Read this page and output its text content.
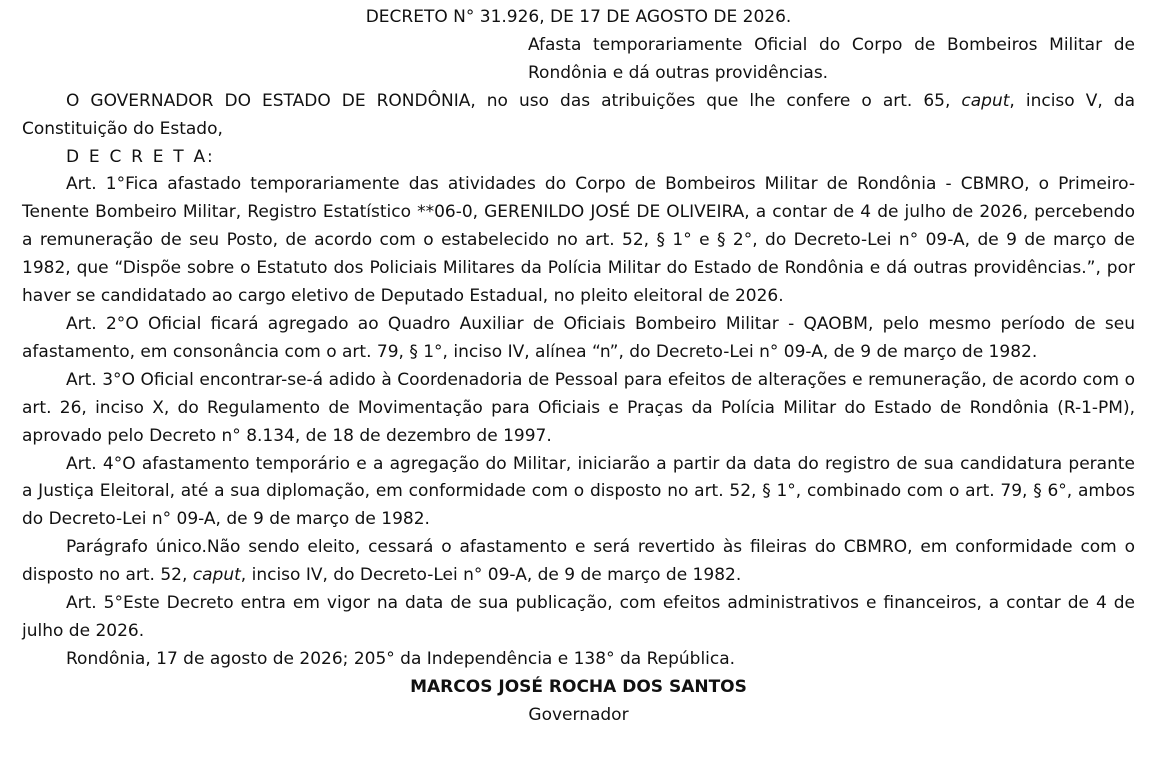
DECRETO N° 31.926, DE 17 DE AGOSTO DE 2026.

Afasta temporariamente Oficial do Corpo de Bombeiros Militar de Rondônia e dá outras providências.

O GOVERNADOR DO ESTADO DE RONDÔNIA, no uso das atribuições que lhe confere o art. 65, caput, inciso V, da Constituição do Estado,

D E C R E T A:

Art. 1°Fica afastado temporariamente das atividades do Corpo de Bombeiros Militar de Rondônia - CBMRO, o Primeiro-Tenente Bombeiro Militar, Registro Estatístico **06-0, GERENILDO JOSÉ DE OLIVEIRA, a contar de 4 de julho de 2026, percebendo a remuneração de seu Posto, de acordo com o estabelecido no art. 52, § 1° e § 2°, do Decreto-Lei n° 09-A, de 9 de março de 1982, que “Dispõe sobre o Estatuto dos Policiais Militares da Polícia Militar do Estado de Rondônia e dá outras providências.”, por haver se candidatado ao cargo eletivo de Deputado Estadual, no pleito eleitoral de 2026.

Art. 2°O Oficial ficará agregado ao Quadro Auxiliar de Oficiais Bombeiro Militar - QAOBM, pelo mesmo período de seu afastamento, em consonância com o art. 79, § 1°, inciso IV, alínea “n”, do Decreto-Lei n° 09-A, de 9 de março de 1982.

Art. 3°O Oficial encontrar-se-á adido à Coordenadoria de Pessoal para efeitos de alterações e remuneração, de acordo com o art. 26, inciso X, do Regulamento de Movimentação para Oficiais e Praças da Polícia Militar do Estado de Rondônia (R-1-PM), aprovado pelo Decreto n° 8.134, de 18 de dezembro de 1997.

Art. 4°O afastamento temporário e a agregação do Militar, iniciarão a partir da data do registro de sua candidatura perante a Justiça Eleitoral, até a sua diplomação, em conformidade com o disposto no art. 52, § 1°, combinado com o art. 79, § 6°, ambos do Decreto-Lei n° 09-A, de 9 de março de 1982.

Parágrafo único.Não sendo eleito, cessará o afastamento e será revertido às fileiras do CBMRO, em conformidade com o disposto no art. 52, caput, inciso IV, do Decreto-Lei n° 09-A, de 9 de março de 1982.

Art. 5°Este Decreto entra em vigor na data de sua publicação, com efeitos administrativos e financeiros, a contar de 4 de julho de 2026.

Rondônia, 17 de agosto de 2026; 205° da Independência e 138° da República.

MARCOS JOSÉ ROCHA DOS SANTOS

Governador
